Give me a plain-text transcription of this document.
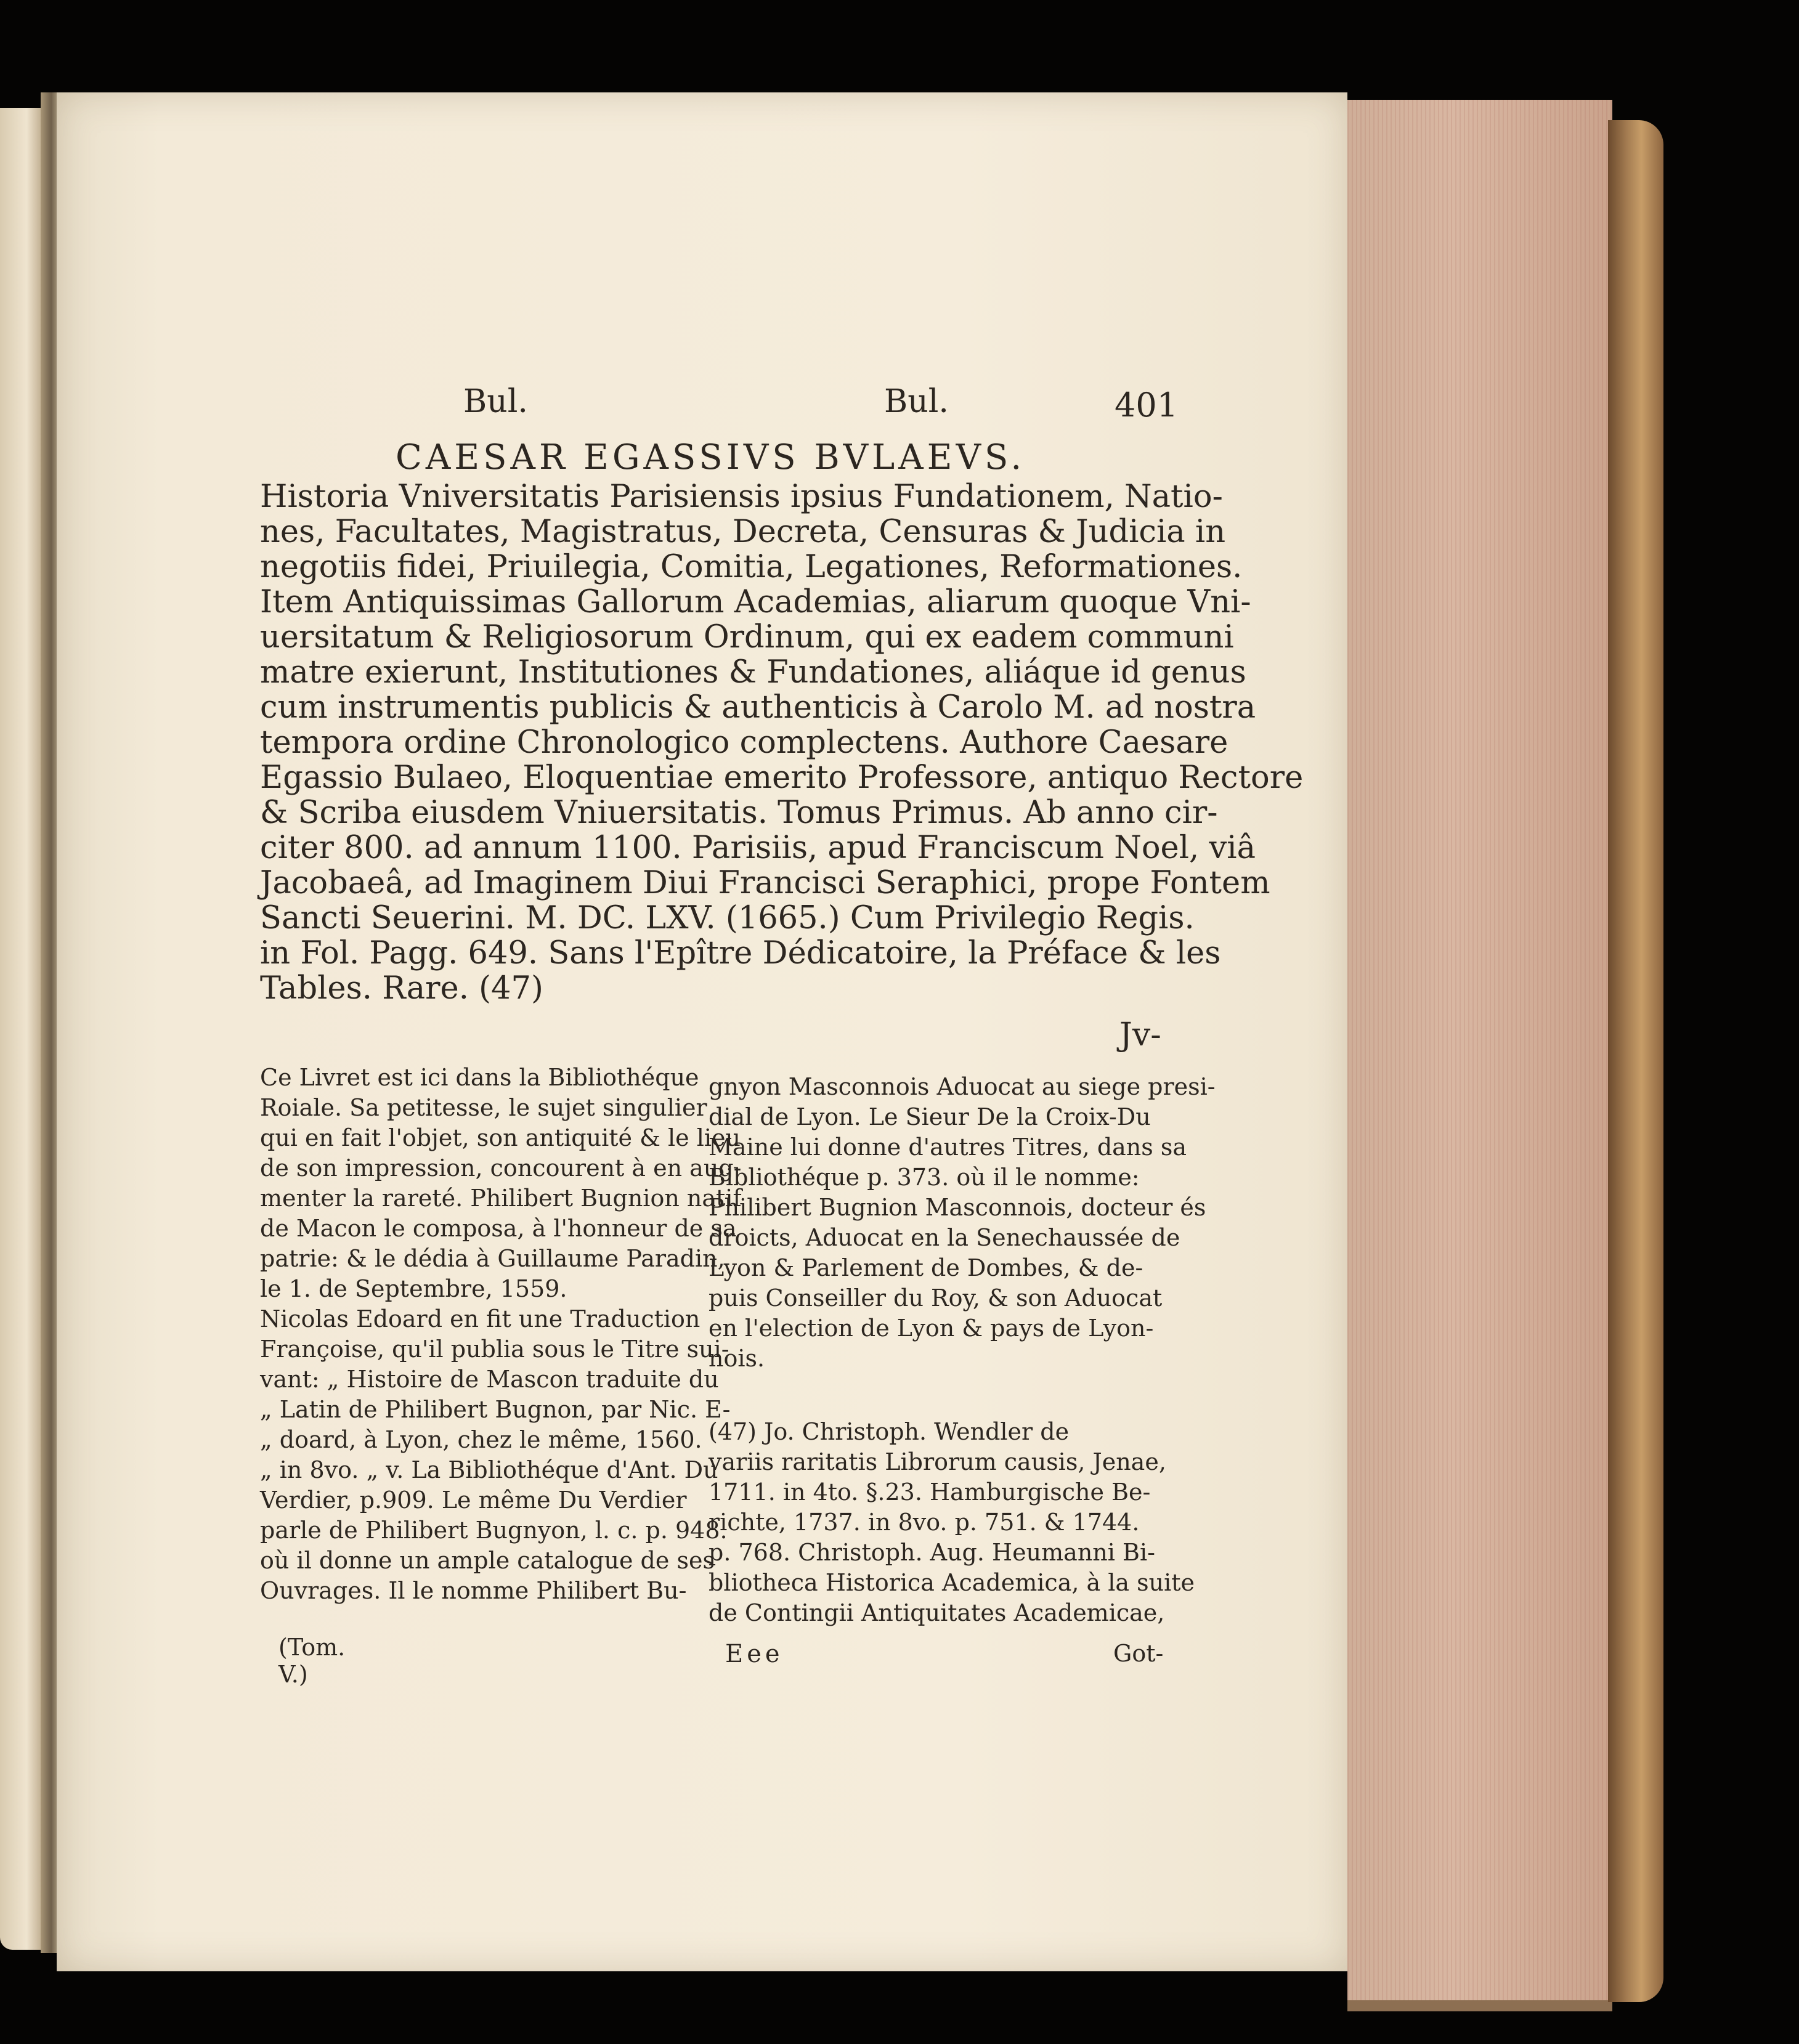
Bul.	Bul.	401
CAESAR EGASSIVS BVLAEVS.
Historia Vniversitatis Parisiensis ipsius Fundationem, Natio-
nes, Facultates, Magistratus, Decreta, Censuras & Judicia in
negotiis fidei, Priuilegia, Comitia, Legationes, Reformationes.
Item Antiquissimas Gallorum Academias, aliarum quoque Vni-
uersitatum & Religiosorum Ordinum, qui ex eadem communi
matre exierunt, Institutiones & Fundationes, aliáque id genus
cum instrumentis publicis & authenticis à Carolo M. ad nostra
tempora ordine Chronologico complectens. Authore Caesare
Egassio Bulaeo, Eloquentiae emerito Professore, antiquo Rectore
& Scriba eiusdem Vniuersitatis. Tomus Primus. Ab anno cir-
citer 800. ad annum 1100. Parisiis, apud Franciscum Noel, viâ
Jacobaeâ, ad Imaginem Diui Francisci Seraphici, prope Fontem
Sancti Seuerini. M. DC. LXV. (1665.) Cum Privilegio Regis.
in Fol. Pagg. 649. Sans l'Epître Dédicatoire, la Préface & les
Tables. Rare. (47)
Jv-
Ce Livret est ici dans la Bibliothéque
Roiale. Sa petitesse, le sujet singulier
qui en fait l'objet, son antiquité & le lieu
de son impression, concourent à en aug-
menter la rareté. Philibert Bugnion natif
de Macon le composa, à l'honneur de sa
patrie: & le dédia à Guillaume Paradin,
le 1. de Septembre, 1559.
Nicolas Edoard en fit une Traduction
Françoise, qu'il publia sous le Titre sui-
vant: „ Histoire de Mascon traduite du
„ Latin de Philibert Bugnon, par Nic. E-
„ doard, à Lyon, chez le même, 1560.
„ in 8vo. „ v. La Bibliothéque d'Ant. Du
Verdier, p.909. Le même Du Verdier
parle de Philibert Bugnyon, l. c. p. 948.
où il donne un ample catalogue de ses
Ouvrages. Il le nomme Philibert Bu-
gnyon Masconnois Aduocat au siege presi-
dial de Lyon. Le Sieur De la Croix-Du
Maine lui donne d'autres Titres, dans sa
Bibliothéque p. 373. où il le nomme:
Philibert Bugnion Masconnois, docteur és
droicts, Aduocat en la Senechaussée de
Lyon & Parlement de Dombes, & de-
puis Conseiller du Roy, & son Aduocat
en l'election de Lyon & pays de Lyon-
nois.
(47) Jo. Christoph. Wendler de
variis raritatis Librorum causis, Jenae,
1711. in 4to. §.23. Hamburgische Be-
richte, 1737. in 8vo. p. 751. & 1744.
p. 768. Christoph. Aug. Heumanni Bi-
bliotheca Historica Academica, à la suite
de Contingii Antiquitates Academicae,
(Tom. V.)
Eee	Got-
